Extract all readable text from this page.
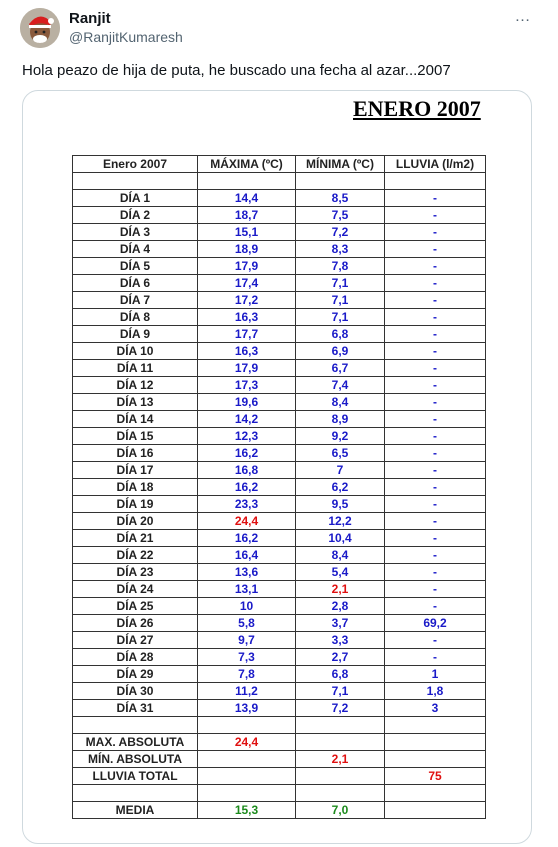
Ranjit
@RanjitKumaresh
…
Hola peazo de hija de puta, he buscado una fecha al azar...2007
ENERO 2007
Enero 2007	MÁXIMA (ºC)	MÍNIMA (ºC)	LLUVIA (l/m2)

DÍA 1	14,4	8,5	-
DÍA 2	18,7	7,5	-
DÍA 3	15,1	7,2	-
DÍA 4	18,9	8,3	-
DÍA 5	17,9	7,8	-
DÍA 6	17,4	7,1	-
DÍA 7	17,2	7,1	-
DÍA 8	16,3	7,1	-
DÍA 9	17,7	6,8	-
DÍA 10	16,3	6,9	-
DÍA 11	17,9	6,7	-
DÍA 12	17,3	7,4	-
DÍA 13	19,6	8,4	-
DÍA 14	14,2	8,9	-
DÍA 15	12,3	9,2	-
DÍA 16	16,2	6,5	-
DÍA 17	16,8	7	-
DÍA 18	16,2	6,2	-
DÍA 19	23,3	9,5	-
DÍA 20	24,4	12,2	-
DÍA 21	16,2	10,4	-
DÍA 22	16,4	8,4	-
DÍA 23	13,6	5,4	-
DÍA 24	13,1	2,1	-
DÍA 25	10	2,8	-
DÍA 26	5,8	3,7	69,2
DÍA 27	9,7	3,3	-
DÍA 28	7,3	2,7	-
DÍA 29	7,8	6,8	1
DÍA 30	11,2	7,1	1,8
DÍA 31	13,9	7,2	3

MAX. ABSOLUTA	24,4		
MÍN. ABSOLUTA		2,1	
LLUVIA TOTAL			75

MEDIA	15,3	7,0	
